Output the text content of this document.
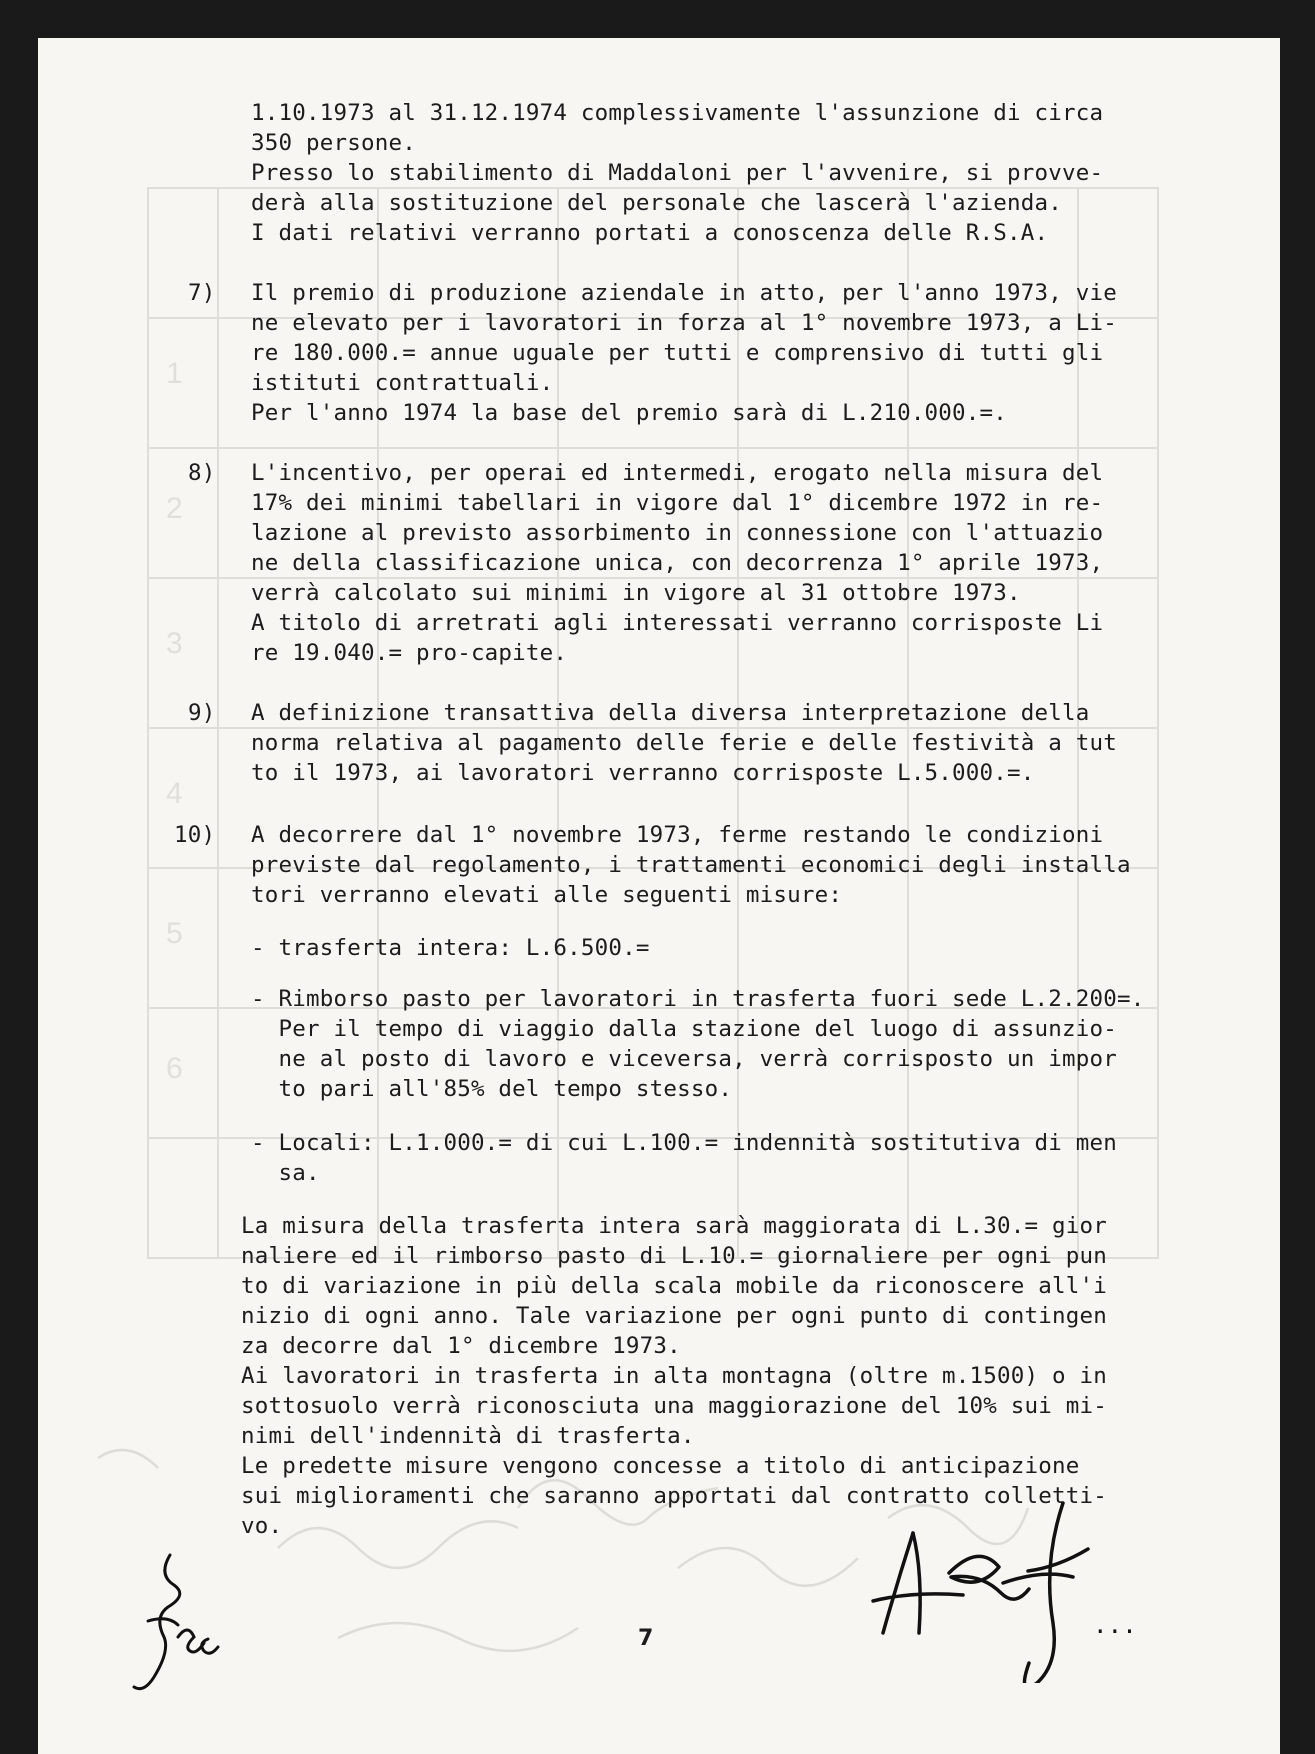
1
2
3
4
5
6
1.10.1973 al 31.12.1974 complessivamente l'assunzione di circa
350 persone.
Presso lo stabilimento di Maddaloni per l'avvenire, si provve-
derà alla sostituzione del personale che lascerà l'azienda.
I dati relativi verranno portati a conoscenza delle R.S.A.
7) Il premio di produzione aziendale in atto, per l'anno 1973, vie
ne elevato per i lavoratori in forza al 1° novembre 1973, a Li-
re 180.000.= annue uguale per tutti e comprensivo di tutti gli
istituti contrattuali.
Per l'anno 1974 la base del premio sarà di L.210.000.=.
8) L'incentivo, per operai ed intermedi, erogato nella misura del
17% dei minimi tabellari in vigore dal 1° dicembre 1972 in re-
lazione al previsto assorbimento in connessione con l'attuazio
ne della classificazione unica, con decorrenza 1° aprile 1973,
verrà calcolato sui minimi in vigore al 31 ottobre 1973.
A titolo di arretrati agli interessati verranno corrisposte Li
re 19.040.= pro-capite.
9) A definizione transattiva della diversa interpretazione della
norma relativa al pagamento delle ferie e delle festività a tut
to il 1973, ai lavoratori verranno corrisposte L.5.000.=.
10) A decorrere dal 1° novembre 1973, ferme restando le condizioni
previste dal regolamento, i trattamenti economici degli installa
tori verranno elevati alle seguenti misure:
- trasferta intera: L.6.500.=
- Rimborso pasto per lavoratori in trasferta fuori sede L.2.200=.
Per il tempo di viaggio dalla stazione del luogo di assunzio-
ne al posto di lavoro e viceversa, verrà corrisposto un impor
to pari all'85% del tempo stesso.
- Locali: L.1.000.= di cui L.100.= indennità sostitutiva di men
sa.
La misura della trasferta intera sarà maggiorata di L.30.= gior
naliere ed il rimborso pasto di L.10.= giornaliere per ogni pun
to di variazione in più della scala mobile da riconoscere all'i
nizio di ogni anno. Tale variazione per ogni punto di contingen
za decorre dal 1° dicembre 1973.
Ai lavoratori in trasferta in alta montagna (oltre m.1500) o in
sottosuolo verrà riconosciuta una maggiorazione del 10% sui mi-
nimi dell'indennità di trasferta.
Le predette misure vengono concesse a titolo di anticipazione
sui miglioramenti che saranno apportati dal contratto colletti-
vo.
...
7
